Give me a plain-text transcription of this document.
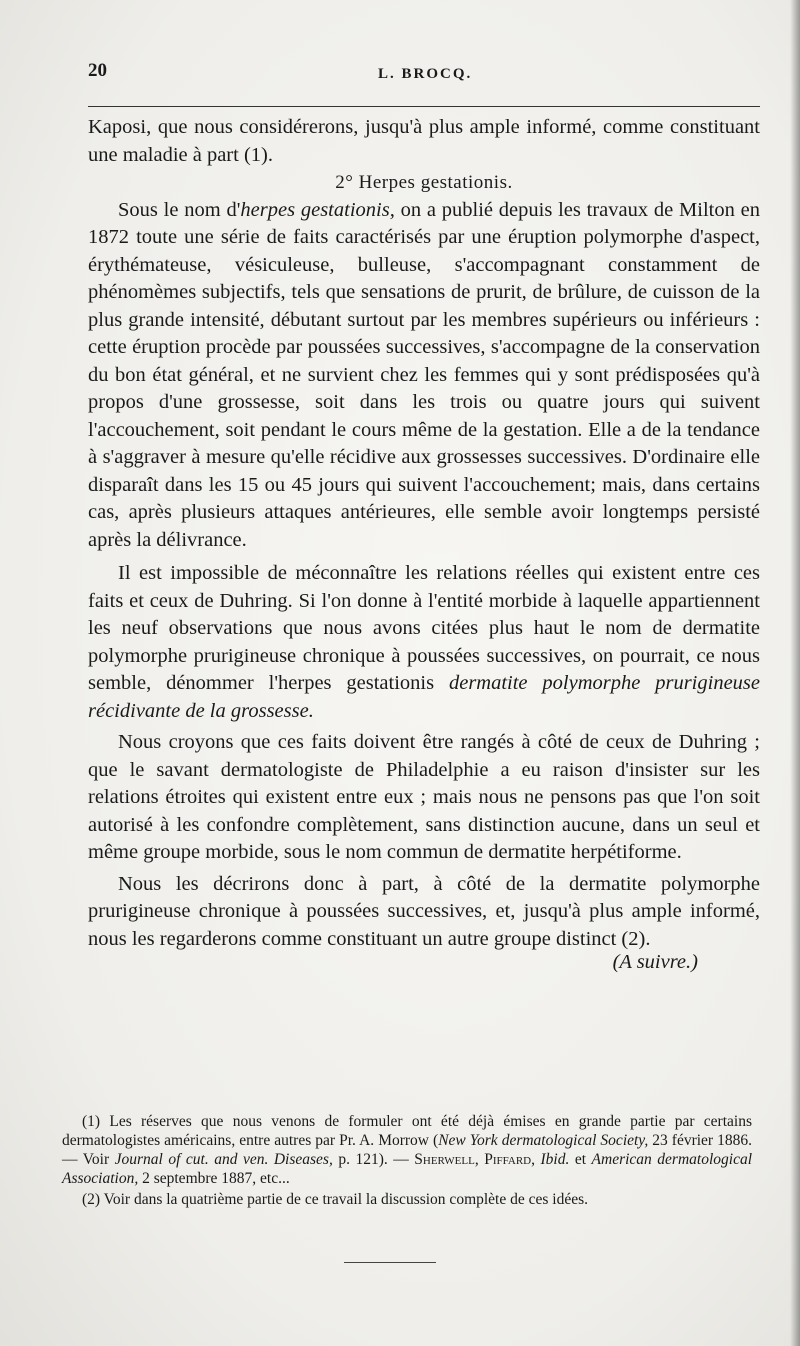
20	L. BROCQ.

Kaposi, que nous considérerons, jusqu'à plus ample informé, comme constituant une maladie à part (1).

2° Herpes gestationis.

Sous le nom d'herpes gestationis, on a publié depuis les travaux de Milton en 1872 toute une série de faits caractérisés par une éruption polymorphe d'aspect, érythémateuse, vésiculeuse, bulleuse, s'accompagnant constamment de phénomèmes subjectifs, tels que sensations de prurit, de brûlure, de cuisson de la plus grande intensité, débutant surtout par les membres supérieurs ou inférieurs : cette éruption procède par poussées successives, s'accompagne de la conservation du bon état général, et ne survient chez les femmes qui y sont prédisposées qu'à propos d'une grossesse, soit dans les trois ou quatre jours qui suivent l'accouchement, soit pendant le cours même de la gestation. Elle a de la tendance à s'aggraver à mesure qu'elle récidive aux grossesses successives. D'ordinaire elle disparaît dans les 15 ou 45 jours qui suivent l'accouchement; mais, dans certains cas, après plusieurs attaques antérieures, elle semble avoir longtemps persisté après la délivrance.

Il est impossible de méconnaître les relations réelles qui existent entre ces faits et ceux de Duhring. Si l'on donne à l'entité morbide à laquelle appartiennent les neuf observations que nous avons citées plus haut le nom de dermatite polymorphe prurigineuse chronique à poussées successives, on pourrait, ce nous semble, dénommer l'herpes gestationis dermatite polymorphe prurigineuse récidivante de la grossesse.

Nous croyons que ces faits doivent être rangés à côté de ceux de Duhring ; que le savant dermatologiste de Philadelphie a eu raison d'insister sur les relations étroites qui existent entre eux ; mais nous ne pensons pas que l'on soit autorisé à les confondre complètement, sans distinction aucune, dans un seul et même groupe morbide, sous le nom commun de dermatite herpétiforme.

Nous les décrirons donc à part, à côté de la dermatite polymorphe prurigineuse chronique à poussées successives, et, jusqu'à plus ample informé, nous les regarderons comme constituant un autre groupe distinct (2).

(A suivre.)

(1) Les réserves que nous venons de formuler ont été déjà émises en grande partie par certains dermatologistes américains, entre autres par Pr. A. Morrow (New York dermatological Society, 23 février 1886. — Voir Journal of cut. and ven. Diseases, p. 121). — Sherwell, Piffard, Ibid. et American dermatological Association, 2 septembre 1887, etc...

(2) Voir dans la quatrième partie de ce travail la discussion complète de ces idées.
